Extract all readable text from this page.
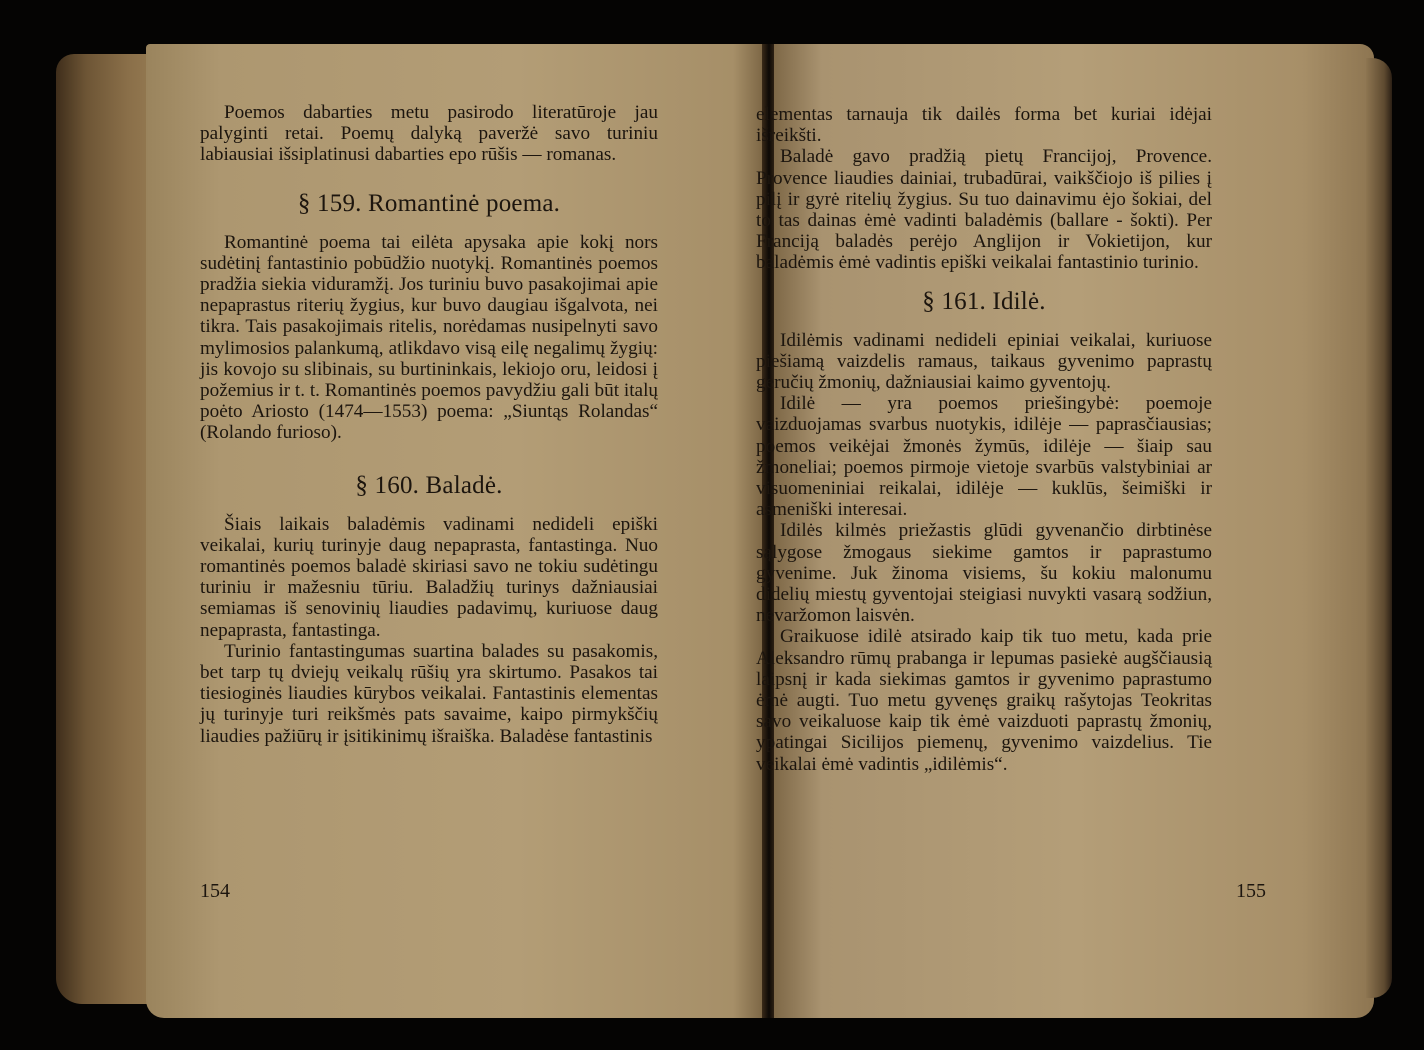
Poemos dabarties metu pasirodo literatūroje jau palyginti retai. Poemų dalyką paveržė savo turiniu labiausiai išsiplatinusi dabarties epo rūšis — romanas.

§ 159. Romantinė poema.

Romantinė poema tai eilėta apysaka apie kokį nors sudėtinį fantastinio pobūdžio nuotykį. Romantinės poemos pradžia siekia viduramžį. Jos turiniu buvo pasakojimai apie nepaprastus riterių žygius, kur buvo daugiau išgalvota, nei tikra. Tais pasakojimais ritelis, norėdamas nusipelnyti savo mylimosios palankumą, atlikdavo visą eilę negalimų žygių: jis kovojo su slibinais, su burtininkais, lekiojo oru, leidosi į požemius ir t. t. Romantinės poemos pavydžiu gali būt italų poėto Ariosto (1474—1553) poema: „Siuntąs Rolandas“ (Rolando furioso).

§ 160. Baladė.

Šiais laikais baladėmis vadinami nedideli epiški veikalai, kurių turinyje daug nepaprasta, fantastinga. Nuo romantinės poemos baladė skiriasi savo ne tokiu sudėtingu turiniu ir mažesniu tūriu. Baladžių turinys dažniausiai semiamas iš senovinių liaudies padavimų, kuriuose daug nepaprasta, fantastinga.

Turinio fantastingumas suartina balades su pasakomis, bet tarp tų dviejų veikalų rūšių yra skirtumo. Pasakos tai tiesioginės liaudies kūrybos veikalai. Fantastinis elementas jų turinyje turi reikšmės pats savaime, kaipo pirmykščių liaudies pažiūrų ir įsitikinimų išraiška. Baladėse fantastinis

154

elementas tarnauja tik dailės forma bet kuriai idėjai išreikšti.

Baladė gavo pradžią pietų Francijoj, Provence. Provence liaudies dainiai, trubadūrai, vaikščiojo iš pilies į pilį ir gyrė ritelių žygius. Su tuo dainavimu ėjo šokiai, del to tas dainas ėmė vadinti baladėmis (ballare - šokti). Per Franciją baladės perėjo Anglijon ir Vokietijon, kur baladėmis ėmė vadintis epiški veikalai fantastinio turinio.

§ 161. Idilė.

Idilėmis vadinami nedideli epiniai veikalai, kuriuose piešiamą vaizdelis ramaus, taikaus gyvenimo paprastų geručių žmonių, dažniausiai kaimo gyventojų.

Idilė — yra poemos priešingybė: poemoje vaizduojamas svarbus nuotykis, idilėje — paprasčiausias; poemos veikėjai žmonės žymūs, idilėje — šiaip sau žmoneliai; poemos pirmoje vietoje svarbūs valstybiniai ar visuomeniniai reikalai, idilėje — kuklūs, šeimiški ir asmeniški interesai.

Idilės kilmės priežastis glūdi gyvenančio dirbtinėse sąlygose žmogaus siekime gamtos ir paprastumo gyvenime. Juk žinoma visiems, šu kokiu malonumu didelių miestų gyventojai steigiasi nuvykti vasarą sodžiun, nevaržomon laisvėn.

Graikuose idilė atsirado kaip tik tuo metu, kada prie Aleksandro rūmų prabanga ir lepumas pasiekė augščiausią laipsnį ir kada siekimas gamtos ir gyvenimo paprastumo ėmė augti. Tuo metu gyvenęs graikų rašytojas Teokritas savo veikaluose kaip tik ėmė vaizduoti paprastų žmonių, ypatingai Sicilijos piemenų, gyvenimo vaizdelius. Tie veikalai ėmė vadintis „idilėmis“.

155
